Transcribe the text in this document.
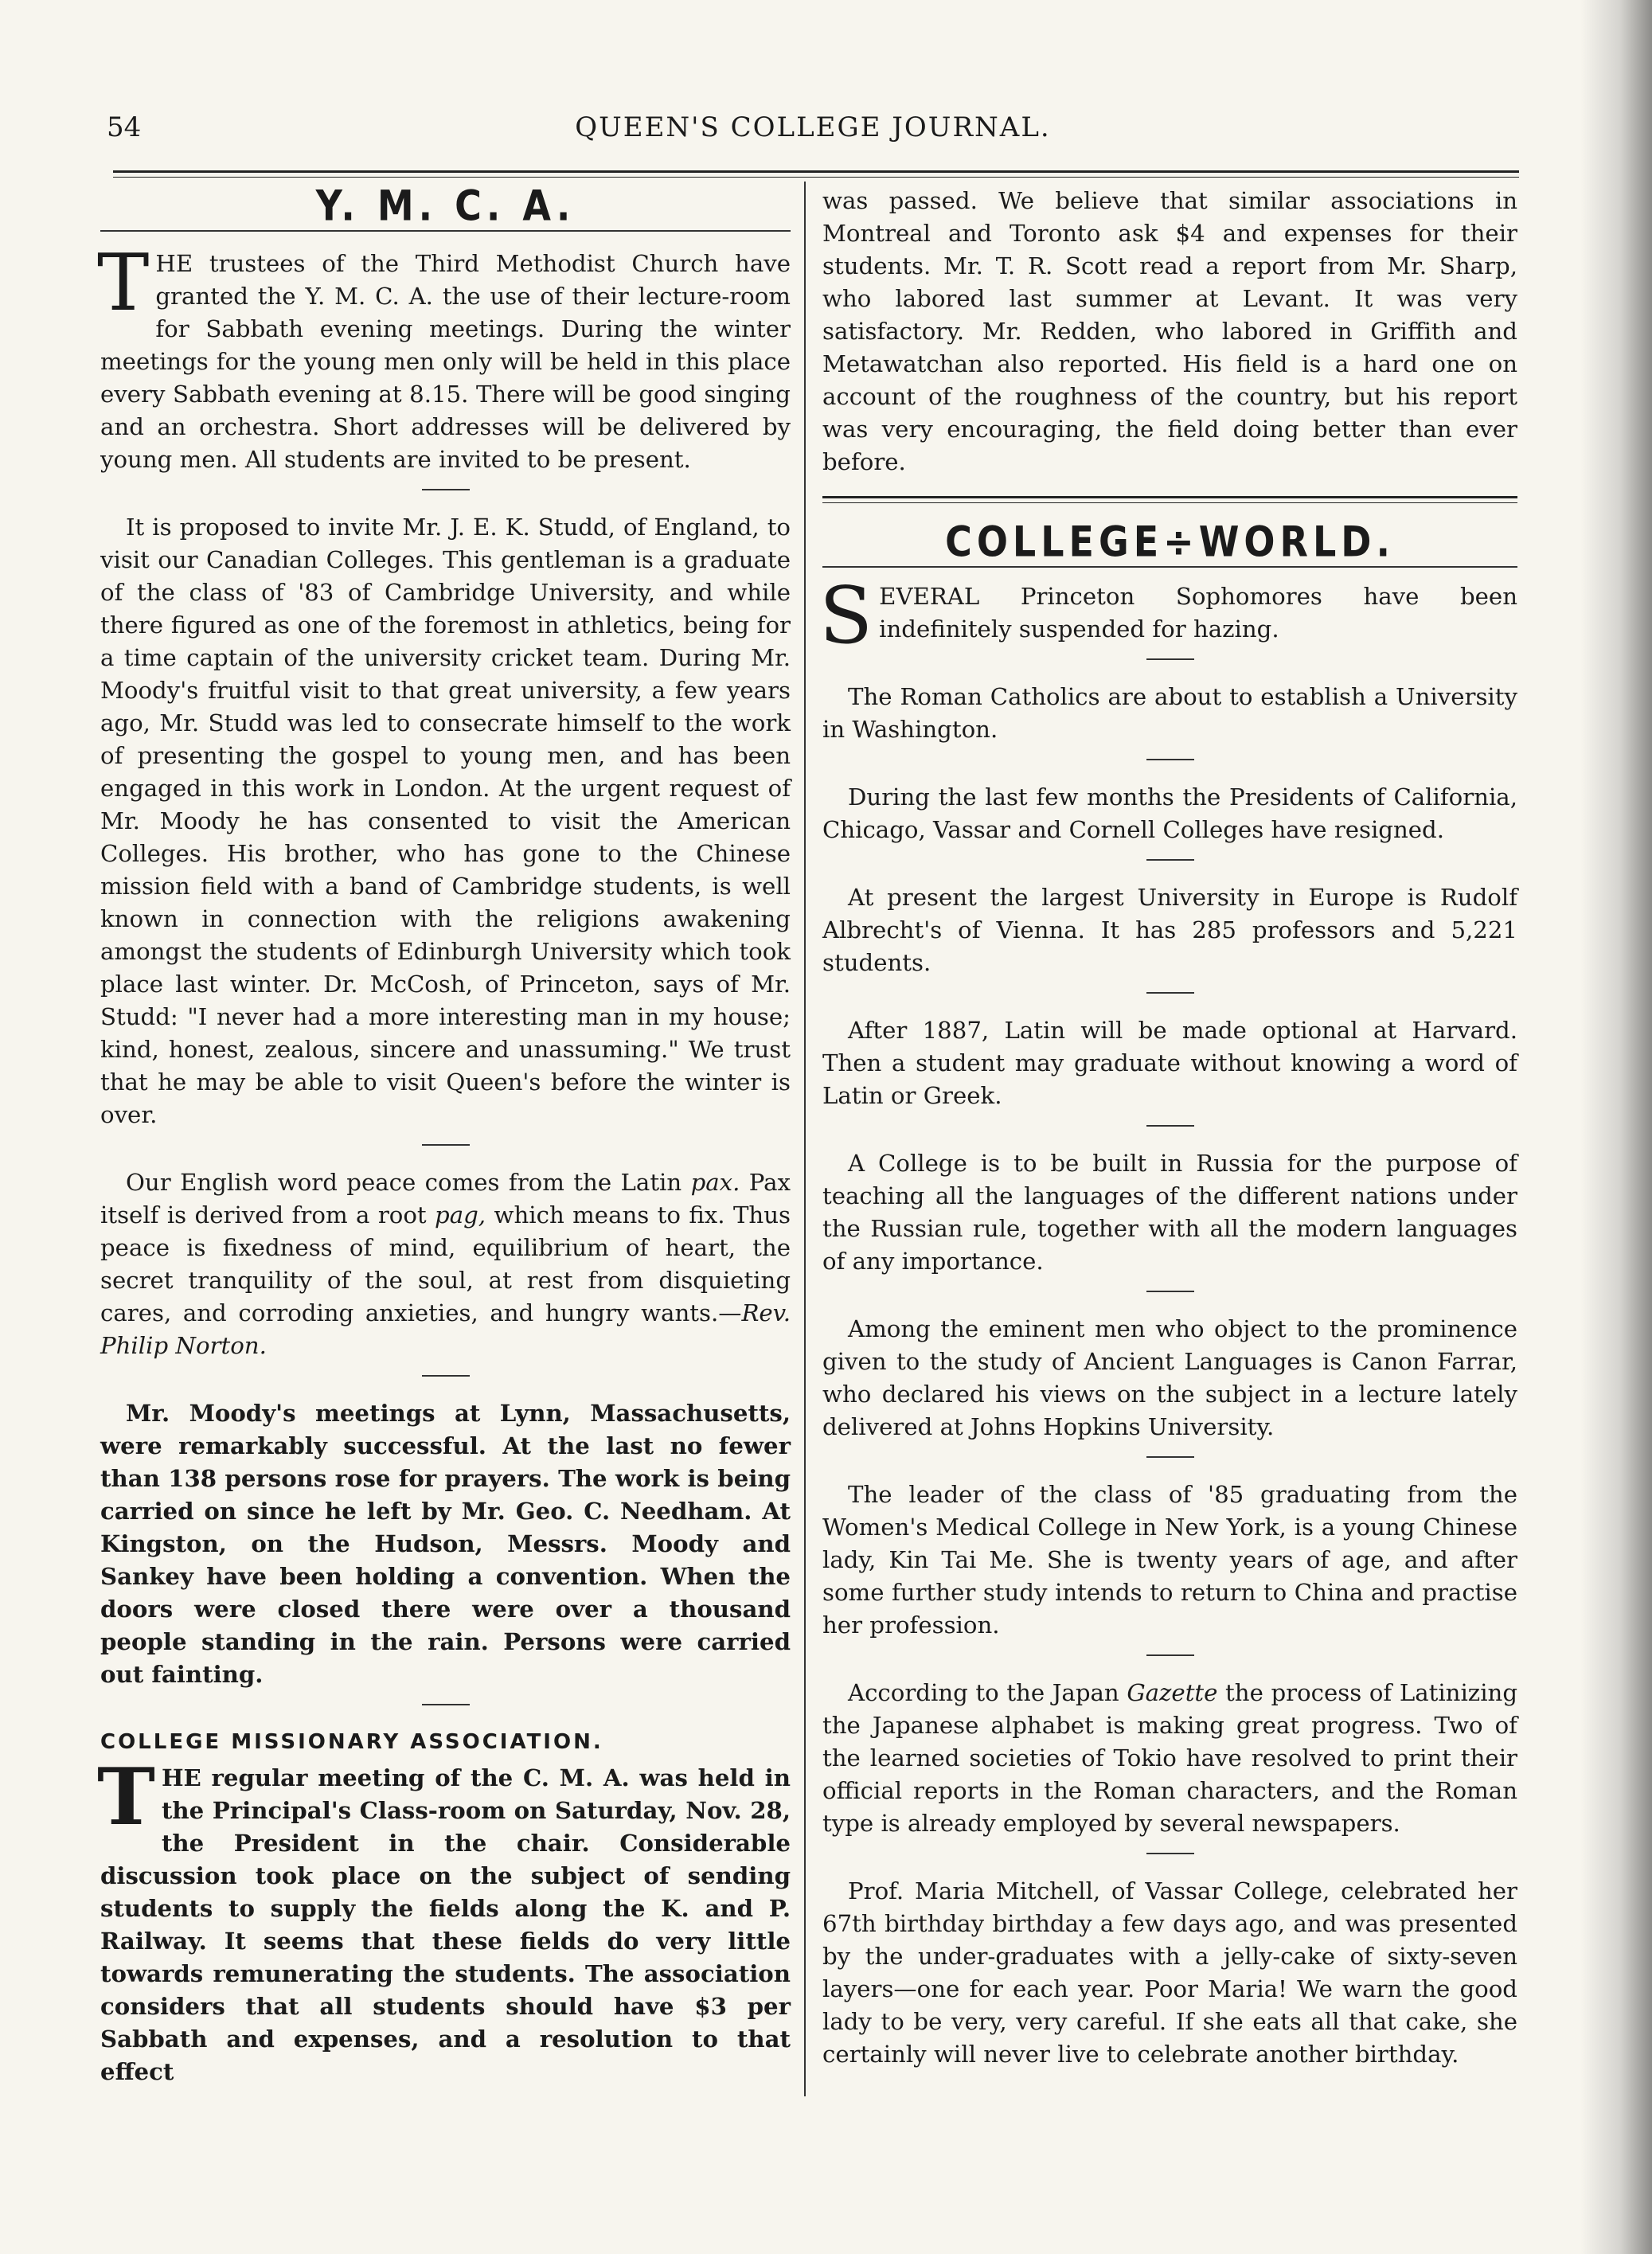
54	QUEEN'S COLLEGE JOURNAL.
Y. M. C. A.

THE trustees of the Third Methodist Church have granted the Y. M. C. A. the use of their lecture-room for Sabbath evening meetings. During the winter meetings for the young men only will be held in this place every Sabbath evening at 8.15. There will be good singing and an orchestra. Short addresses will be delivered by young men. All students are invited to be present.

It is proposed to invite Mr. J. E. K. Studd, of England, to visit our Canadian Colleges. This gentleman is a graduate of the class of '83 of Cambridge University, and while there figured as one of the foremost in athletics, being for a time captain of the university cricket team. During Mr. Moody's fruitful visit to that great university, a few years ago, Mr. Studd was led to consecrate himself to the work of presenting the gospel to young men, and has been engaged in this work in London. At the urgent request of Mr. Moody he has consented to visit the American Colleges. His brother, who has gone to the Chinese mission field with a band of Cambridge students, is well known in connection with the religions awakening amongst the students of Edinburgh University which took place last winter. Dr. McCosh, of Princeton, says of Mr. Studd: "I never had a more interesting man in my house; kind, honest, zealous, sincere and unassuming." We trust that he may be able to visit Queen's before the winter is over.

Our English word peace comes from the Latin pax. Pax itself is derived from a root pag, which means to fix. Thus peace is fixedness of mind, equilibrium of heart, the secret tranquility of the soul, at rest from disquieting cares, and corroding anxieties, and hungry wants.—Rev. Philip Norton.

Mr. Moody's meetings at Lynn, Massachusetts, were remarkably successful. At the last no fewer than 138 persons rose for prayers. The work is being carried on since he left by Mr. Geo. C. Needham. At Kingston, on the Hudson, Messrs. Moody and Sankey have been holding a convention. When the doors were closed there were over a thousand people standing in the rain. Persons were carried out fainting.

COLLEGE MISSIONARY ASSOCIATION.

THE regular meeting of the C. M. A. was held in the Principal's Class-room on Saturday, Nov. 28, the President in the chair. Considerable discussion took place on the subject of sending students to supply the fields along the K. and P. Railway. It seems that these fields do very little towards remunerating the students. The association considers that all students should have $3 per Sabbath and expenses, and a resolution to that effect

was passed. We believe that similar associations in Montreal and Toronto ask $4 and expenses for their students. Mr. T. R. Scott read a report from Mr. Sharp, who labored last summer at Levant. It was very satisfactory. Mr. Redden, who labored in Griffith and Metawatchan also reported. His field is a hard one on account of the roughness of the country, but his report was very encouraging, the field doing better than ever before.

COLLEGE÷WORLD.

SEVERAL Princeton Sophomores have been indefinitely suspended for hazing.

The Roman Catholics are about to establish a University in Washington.

During the last few months the Presidents of California, Chicago, Vassar and Cornell Colleges have resigned.

At present the largest University in Europe is Rudolf Albrecht's of Vienna. It has 285 professors and 5,221 students.

After 1887, Latin will be made optional at Harvard. Then a student may graduate without knowing a word of Latin or Greek.

A College is to be built in Russia for the purpose of teaching all the languages of the different nations under the Russian rule, together with all the modern languages of any importance.

Among the eminent men who object to the prominence given to the study of Ancient Languages is Canon Farrar, who declared his views on the subject in a lecture lately delivered at Johns Hopkins University.

The leader of the class of '85 graduating from the Women's Medical College in New York, is a young Chinese lady, Kin Tai Me. She is twenty years of age, and after some further study intends to return to China and practise her profession.

According to the Japan Gazette the process of Latinizing the Japanese alphabet is making great progress. Two of the learned societies of Tokio have resolved to print their official reports in the Roman characters, and the Roman type is already employed by several newspapers.

Prof. Maria Mitchell, of Vassar College, celebrated her 67th birthday birthday a few days ago, and was presented by the under-graduates with a jelly-cake of sixty-seven layers—one for each year. Poor Maria! We warn the good lady to be very, very careful. If she eats all that cake, she certainly will never live to celebrate another birthday.
